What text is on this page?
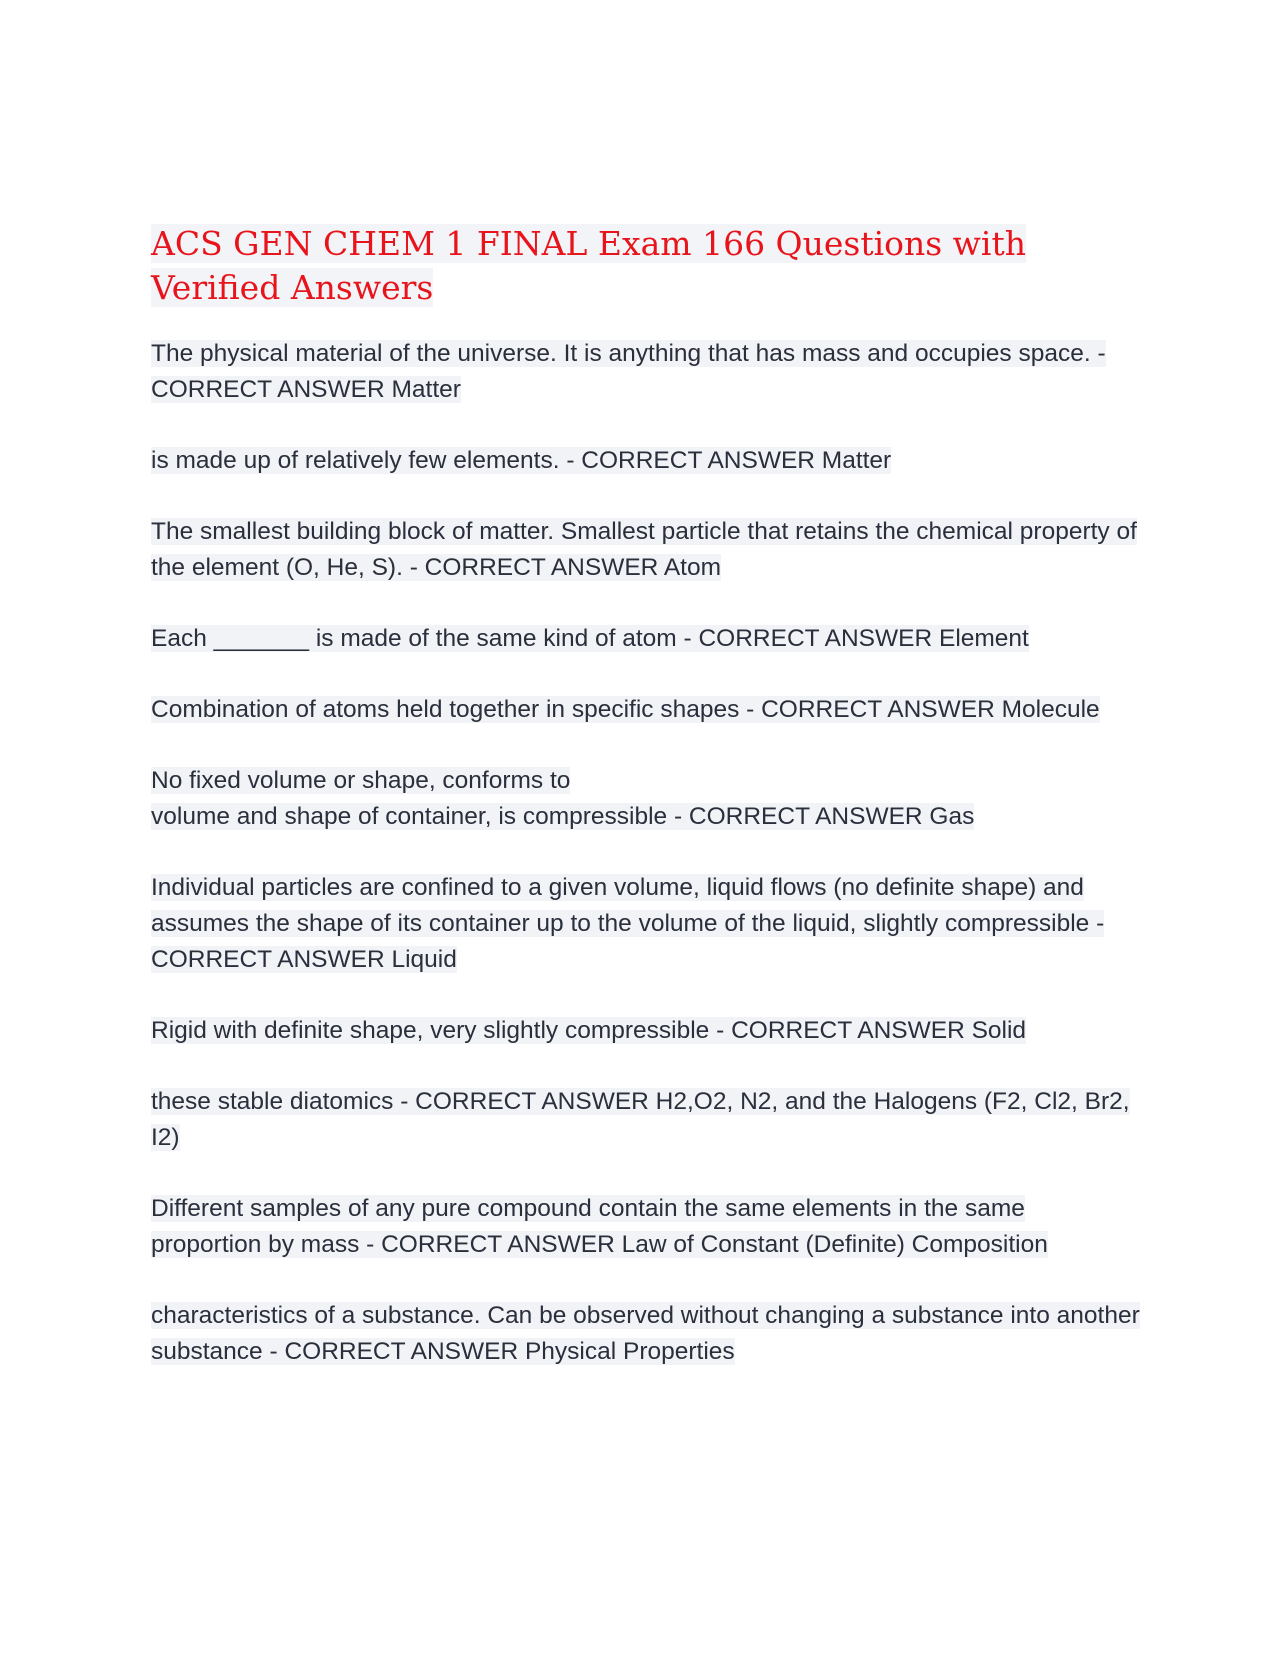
ACS GEN CHEM 1 FINAL Exam 166 Questions with Verified Answers

The physical material of the universe. It is anything that has mass and occupies space. - CORRECT ANSWER Matter

is made up of relatively few elements. - CORRECT ANSWER Matter

The smallest building block of matter. Smallest particle that retains the chemical property of the element (O, He, S). - CORRECT ANSWER Atom

Each _______ is made of the same kind of atom - CORRECT ANSWER Element

Combination of atoms held together in specific shapes - CORRECT ANSWER Molecule

No fixed volume or shape, conforms to
volume and shape of container, is compressible - CORRECT ANSWER Gas

Individual particles are confined to a given volume, liquid flows (no definite shape) and assumes the shape of its container up to the volume of the liquid, slightly compressible - CORRECT ANSWER Liquid

Rigid with definite shape, very slightly compressible - CORRECT ANSWER Solid

these stable diatomics - CORRECT ANSWER H2,O2, N2, and the Halogens (F2, Cl2, Br2, I2)

Different samples of any pure compound contain the same elements in the same proportion by mass - CORRECT ANSWER Law of Constant (Definite) Composition

characteristics of a substance. Can be observed without changing a substance into another substance - CORRECT ANSWER Physical Properties
